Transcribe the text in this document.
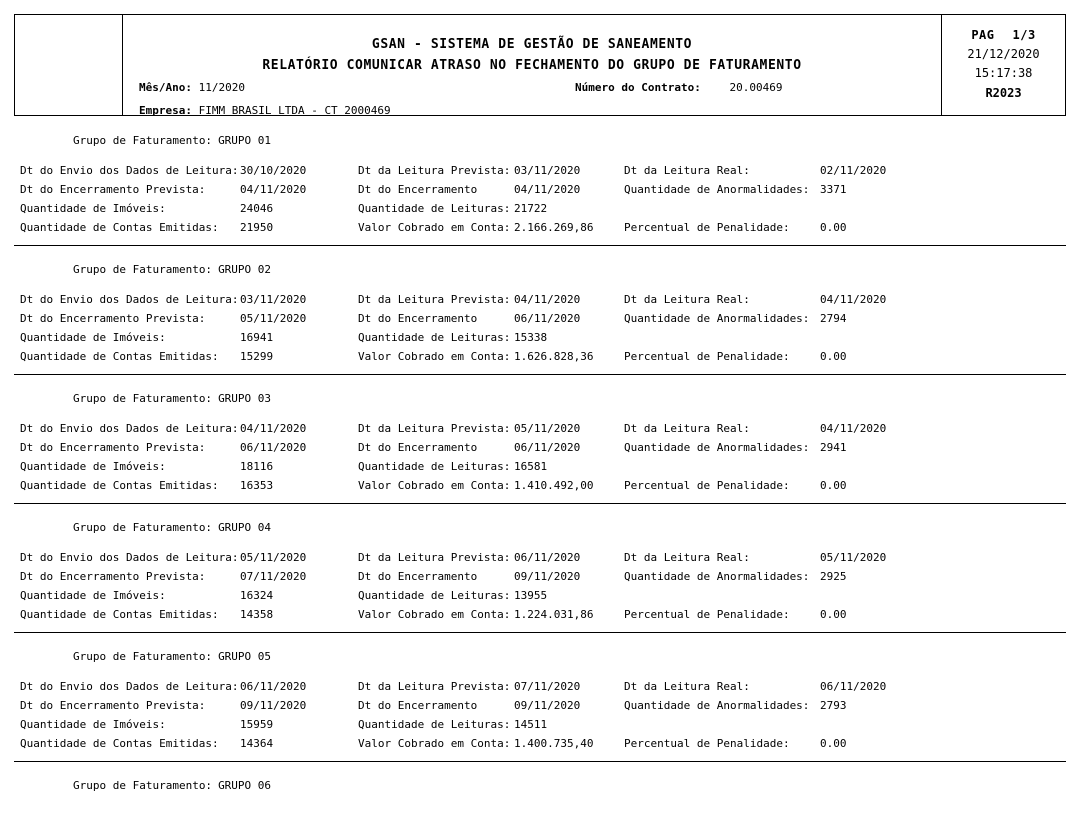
GSAN - SISTEMA DE GESTÃO DE SANEAMENTO
RELATÓRIO COMUNICAR ATRASO NO FECHAMENTO DO GRUPO DE FATURAMENTO
Mês/Ano: 11/2020	Número do Contrato:	20.00469
Empresa: FIMM BRASIL LTDA - CT 2000469
PAG 1/3
21/12/2020
15:17:38
R2023

Grupo de Faturamento: GRUPO 01

Dt do Envio dos Dados de Leitura: 30/10/2020	Dt da Leitura Prevista: 03/11/2020	Dt da Leitura Real:	02/11/2020
Dt do Encerramento Prevista:	04/11/2020	Dt do Encerramento	04/11/2020	Quantidade de Anormalidades: 3371
Quantidade de Imóveis:	24046	Quantidade de Leituras: 21722
Quantidade de Contas Emitidas: 21950	Valor Cobrado em Conta: 2.166.269,86	Percentual de Penalidade:	0.00

Grupo de Faturamento: GRUPO 02

Dt do Envio dos Dados de Leitura: 03/11/2020	Dt da Leitura Prevista: 04/11/2020	Dt da Leitura Real:	04/11/2020
Dt do Encerramento Prevista:	05/11/2020	Dt do Encerramento	06/11/2020	Quantidade de Anormalidades: 2794
Quantidade de Imóveis:	16941	Quantidade de Leituras: 15338
Quantidade de Contas Emitidas: 15299	Valor Cobrado em Conta: 1.626.828,36	Percentual de Penalidade:	0.00

Grupo de Faturamento: GRUPO 03

Dt do Envio dos Dados de Leitura: 04/11/2020	Dt da Leitura Prevista: 05/11/2020	Dt da Leitura Real:	04/11/2020
Dt do Encerramento Prevista:	06/11/2020	Dt do Encerramento	06/11/2020	Quantidade de Anormalidades: 2941
Quantidade de Imóveis:	18116	Quantidade de Leituras: 16581
Quantidade de Contas Emitidas: 16353	Valor Cobrado em Conta: 1.410.492,00	Percentual de Penalidade:	0.00

Grupo de Faturamento: GRUPO 04

Dt do Envio dos Dados de Leitura: 05/11/2020	Dt da Leitura Prevista: 06/11/2020	Dt da Leitura Real:	05/11/2020
Dt do Encerramento Prevista:	07/11/2020	Dt do Encerramento	09/11/2020	Quantidade de Anormalidades: 2925
Quantidade de Imóveis:	16324	Quantidade de Leituras: 13955
Quantidade de Contas Emitidas: 14358	Valor Cobrado em Conta: 1.224.031,86	Percentual de Penalidade:	0.00

Grupo de Faturamento: GRUPO 05

Dt do Envio dos Dados de Leitura: 06/11/2020	Dt da Leitura Prevista: 07/11/2020	Dt da Leitura Real:	06/11/2020
Dt do Encerramento Prevista:	09/11/2020	Dt do Encerramento	09/11/2020	Quantidade de Anormalidades: 2793
Quantidade de Imóveis:	15959	Quantidade de Leituras: 14511
Quantidade de Contas Emitidas: 14364	Valor Cobrado em Conta: 1.400.735,40	Percentual de Penalidade:	0.00

Grupo de Faturamento: GRUPO 06
